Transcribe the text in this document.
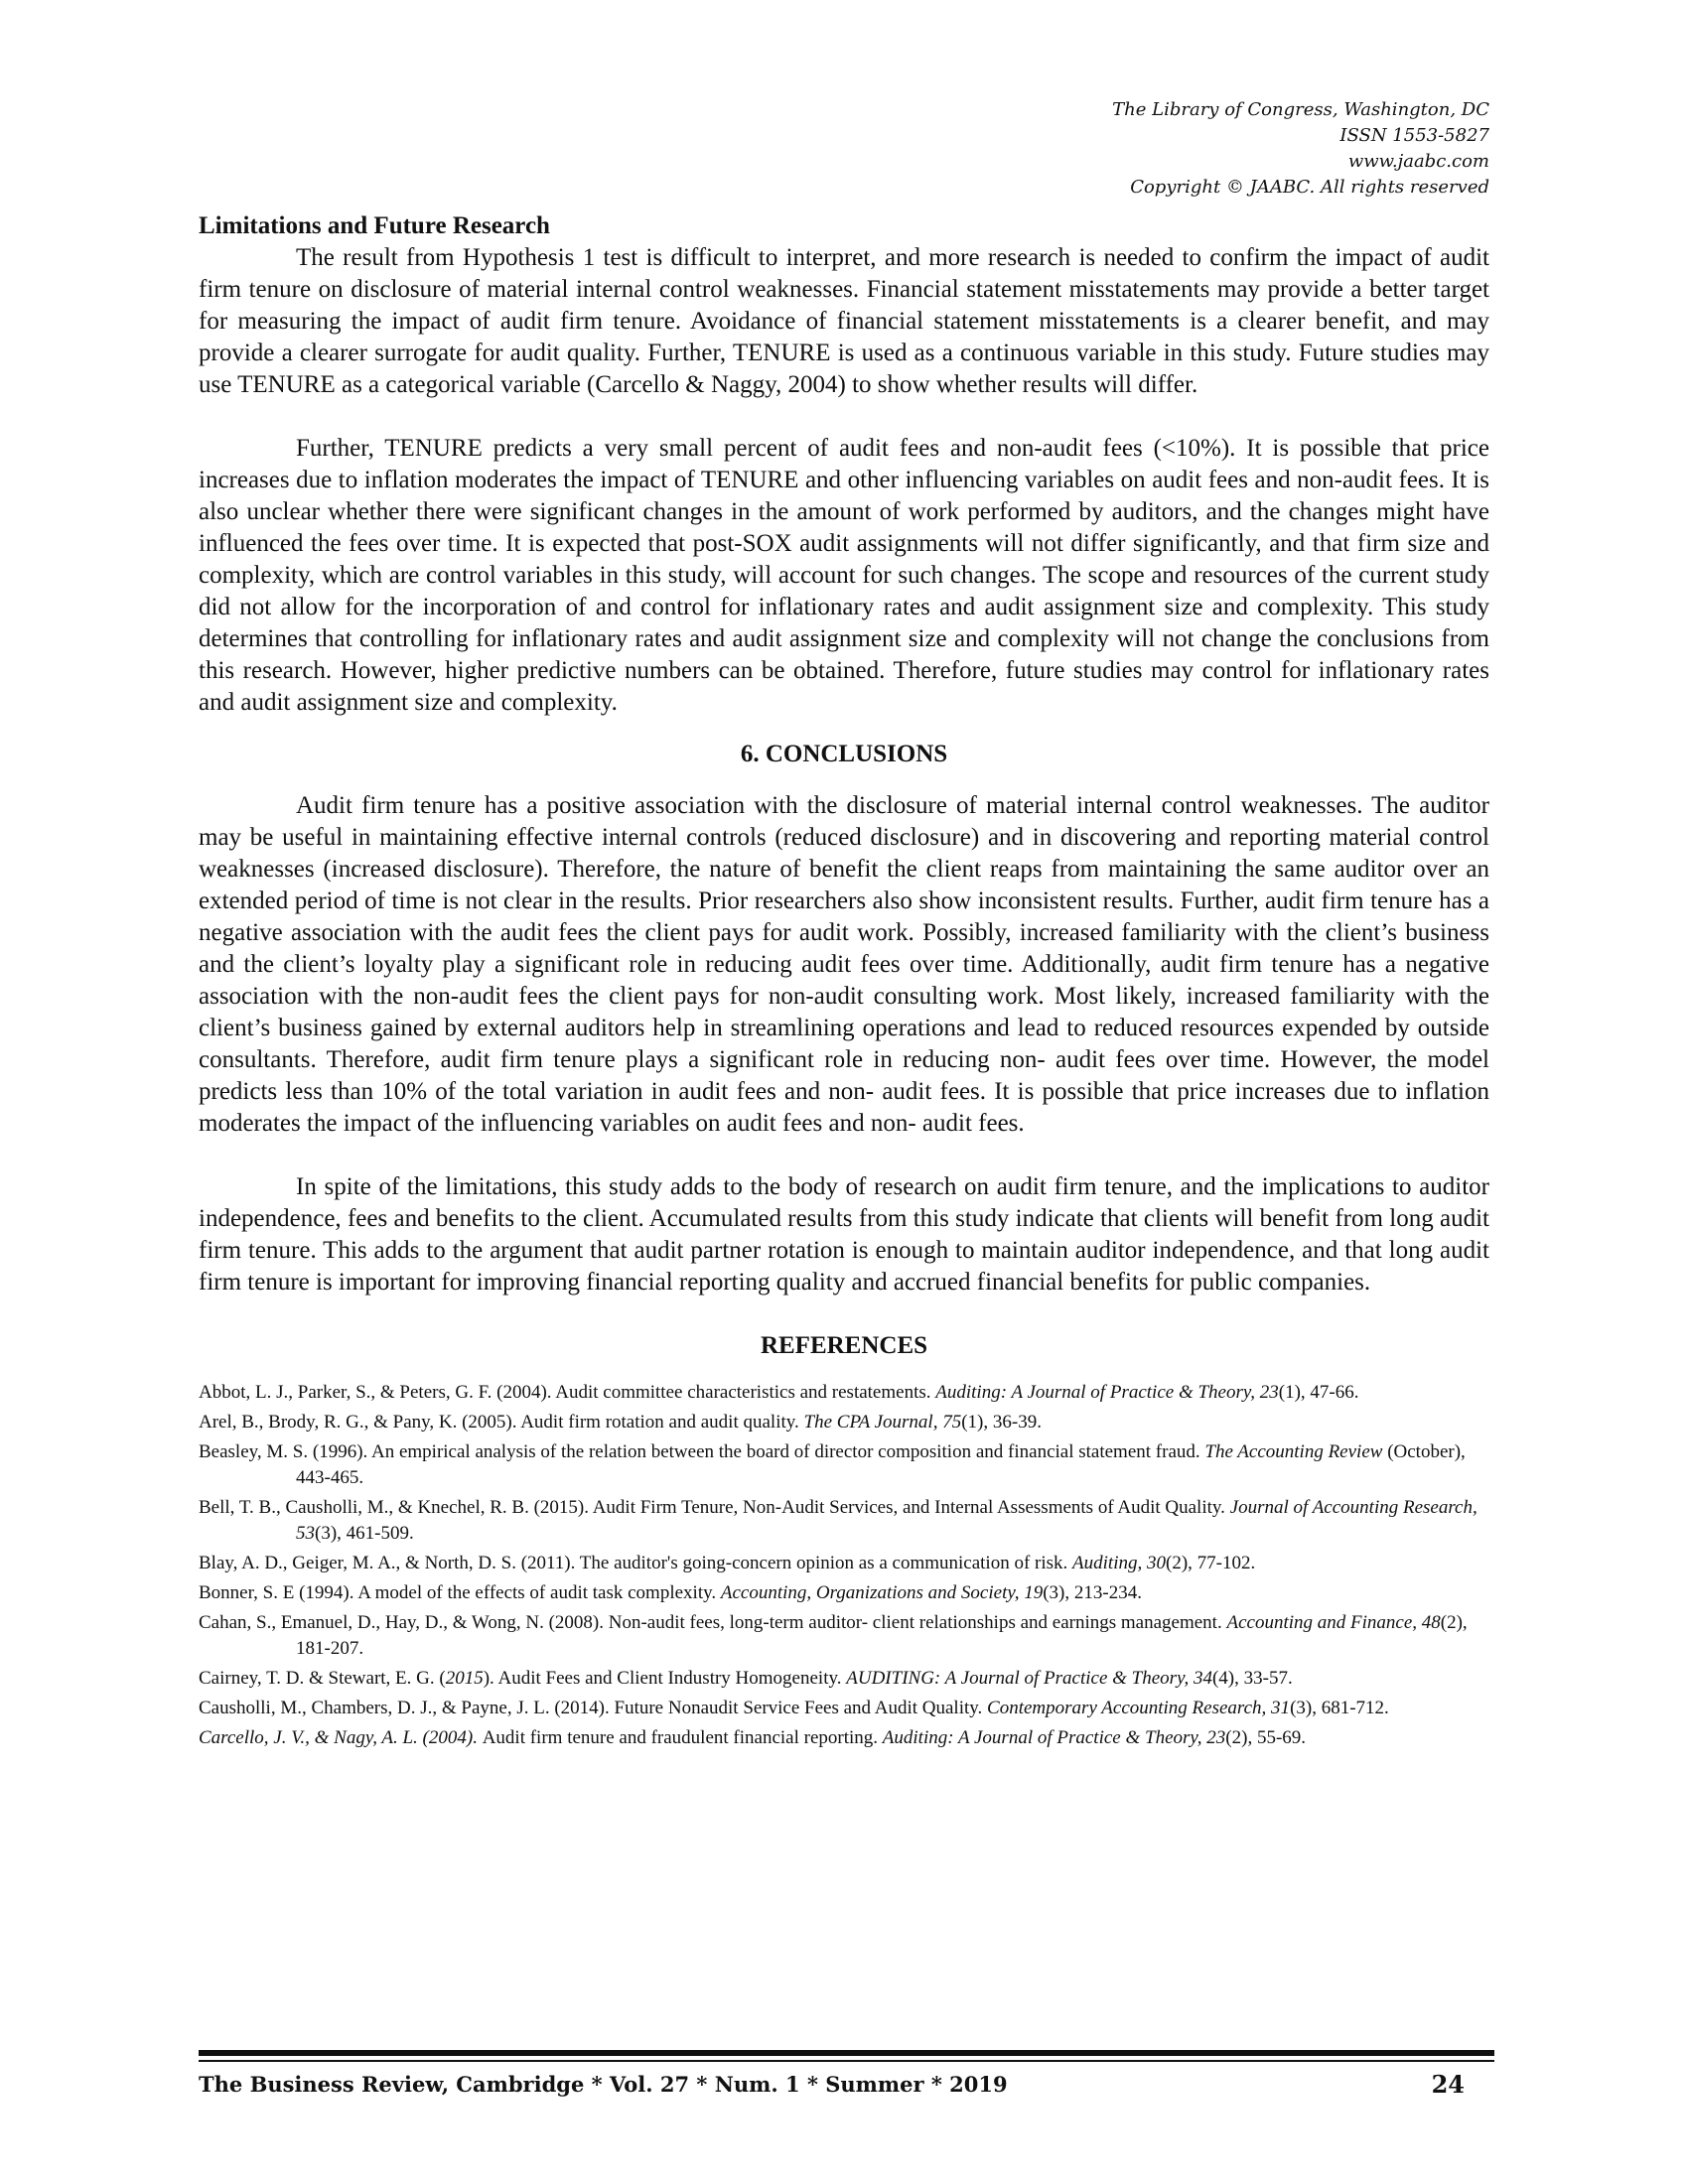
The Library of Congress, Washington, DC
ISSN 1553-5827
www.jaabc.com
Copyright © JAABC. All rights reserved
Limitations and Future Research

The result from Hypothesis 1 test is difficult to interpret, and more research is needed to confirm the impact of audit firm tenure on disclosure of material internal control weaknesses. Financial statement misstatements may provide a better target for measuring the impact of audit firm tenure. Avoidance of financial statement misstatements is a clearer benefit, and may provide a clearer surrogate for audit quality. Further, TENURE is used as a continuous variable in this study. Future studies may use TENURE as a categorical variable (Carcello & Naggy, 2004) to show whether results will differ.

Further, TENURE predicts a very small percent of audit fees and non-audit fees (<10%). It is possible that price increases due to inflation moderates the impact of TENURE and other influencing variables on audit fees and non-audit fees. It is also unclear whether there were significant changes in the amount of work performed by auditors, and the changes might have influenced the fees over time. It is expected that post-SOX audit assignments will not differ significantly, and that firm size and complexity, which are control variables in this study, will account for such changes. The scope and resources of the current study did not allow for the incorporation of and control for inflationary rates and audit assignment size and complexity. This study determines that controlling for inflationary rates and audit assignment size and complexity will not change the conclusions from this research. However, higher predictive numbers can be obtained. Therefore, future studies may control for inflationary rates and audit assignment size and complexity.

6. CONCLUSIONS

Audit firm tenure has a positive association with the disclosure of material internal control weaknesses. The auditor may be useful in maintaining effective internal controls (reduced disclosure) and in discovering and reporting material control weaknesses (increased disclosure). Therefore, the nature of benefit the client reaps from maintaining the same auditor over an extended period of time is not clear in the results. Prior researchers also show inconsistent results. Further, audit firm tenure has a negative association with the audit fees the client pays for audit work. Possibly, increased familiarity with the client’s business and the client’s loyalty play a significant role in reducing audit fees over time. Additionally, audit firm tenure has a negative association with the non-audit fees the client pays for non-audit consulting work. Most likely, increased familiarity with the client’s business gained by external auditors help in streamlining operations and lead to reduced resources expended by outside consultants. Therefore, audit firm tenure plays a significant role in reducing non- audit fees over time. However, the model predicts less than 10% of the total variation in audit fees and non- audit fees. It is possible that price increases due to inflation moderates the impact of the influencing variables on audit fees and non- audit fees.

In spite of the limitations, this study adds to the body of research on audit firm tenure, and the implications to auditor independence, fees and benefits to the client. Accumulated results from this study indicate that clients will benefit from long audit firm tenure. This adds to the argument that audit partner rotation is enough to maintain auditor independence, and that long audit firm tenure is important for improving financial reporting quality and accrued financial benefits for public companies.

REFERENCES

Abbot, L. J., Parker, S., & Peters, G. F. (2004). Audit committee characteristics and restatements. Auditing: A Journal of Practice & Theory, 23(1), 47-66.

Arel, B., Brody, R. G., & Pany, K. (2005). Audit firm rotation and audit quality. The CPA Journal, 75(1), 36-39.

Beasley, M. S. (1996). An empirical analysis of the relation between the board of director composition and financial statement fraud. The Accounting Review (October), 443-465.

Bell, T. B., Causholli, M., & Knechel, R. B. (2015). Audit Firm Tenure, Non-Audit Services, and Internal Assessments of Audit Quality. Journal of Accounting Research, 53(3), 461-509.

Blay, A. D., Geiger, M. A., & North, D. S. (2011). The auditor's going-concern opinion as a communication of risk. Auditing, 30(2), 77-102.

Bonner, S. E (1994). A model of the effects of audit task complexity. Accounting, Organizations and Society, 19(3), 213-234.

Cahan, S., Emanuel, D., Hay, D., & Wong, N. (2008). Non-audit fees, long-term auditor- client relationships and earnings management. Accounting and Finance, 48(2), 181-207.

Cairney, T. D. & Stewart, E. G. (2015). Audit Fees and Client Industry Homogeneity. AUDITING: A Journal of Practice & Theory, 34(4), 33-57.

Causholli, M., Chambers, D. J., & Payne, J. L. (2014). Future Nonaudit Service Fees and Audit Quality. Contemporary Accounting Research, 31(3), 681-712.

Carcello, J. V., & Nagy, A. L. (2004). Audit firm tenure and fraudulent financial reporting. Auditing: A Journal of Practice & Theory, 23(2), 55-69.

The Business Review, Cambridge * Vol. 27 * Num. 1 * Summer * 2019	24
